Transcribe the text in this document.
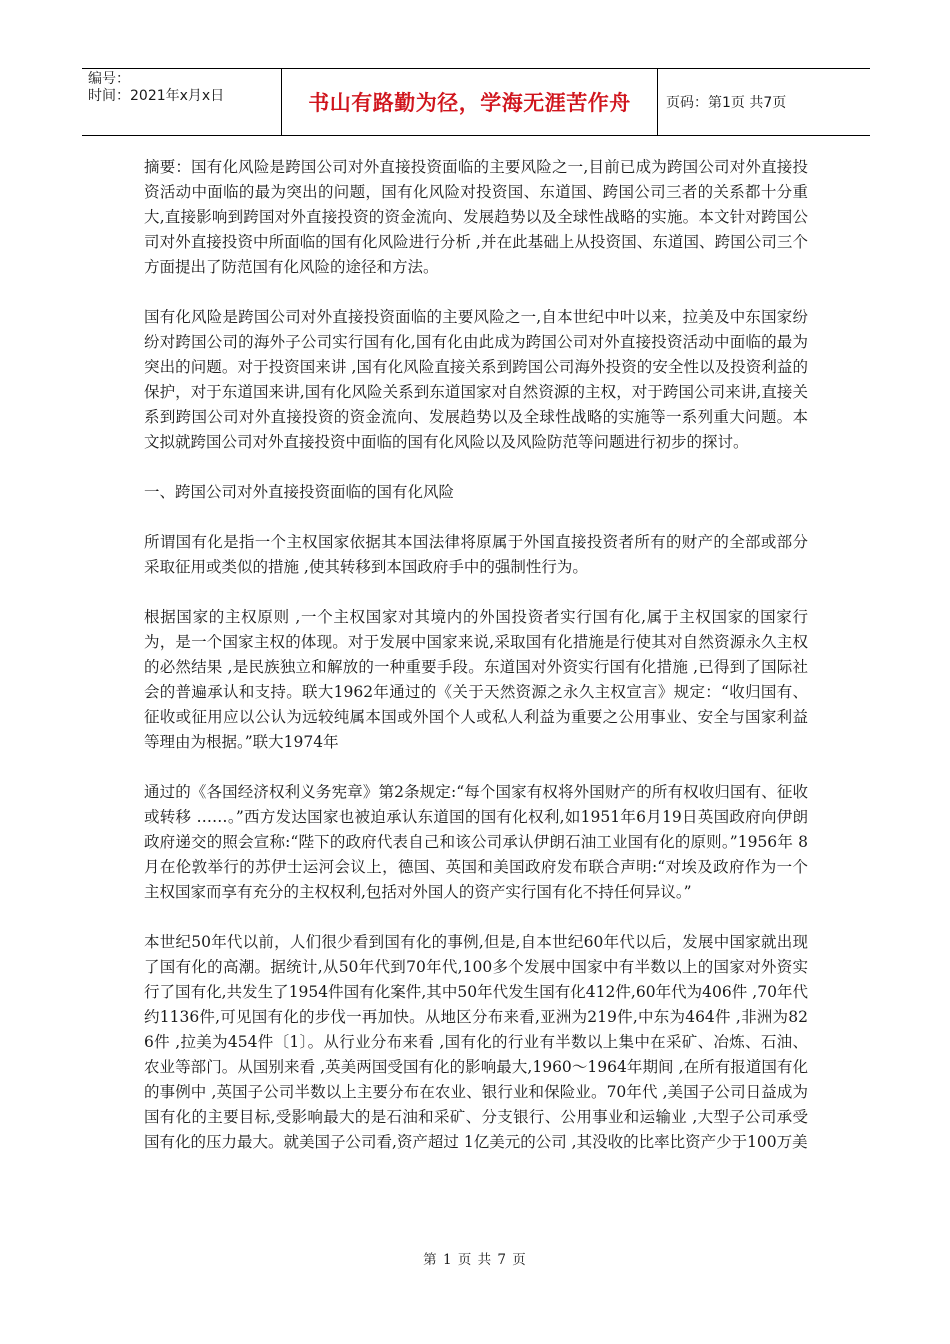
编号：
时间：2021年x月x日	书山有路勤为径，学海无涯苦作舟	页码：第1页 共7页

摘要：国有化风险是跨国公司对外直接投资面临的主要风险之一,目前已成为跨国公司对外直接投资活动中面临的最为突出的问题，国有化风险对投资国、东道国、跨国公司三者的关系都十分重大,直接影响到跨国对外直接投资的资金流向、发展趋势以及全球性战略的实施。本文针对跨国公司对外直接投资中所面临的国有化风险进行分析 ,并在此基础上从投资国、东道国、跨国公司三个方面提出了防范国有化风险的途径和方法。

国有化风险是跨国公司对外直接投资面临的主要风险之一,自本世纪中叶以来，拉美及中东国家纷纷对跨国公司的海外子公司实行国有化,国有化由此成为跨国公司对外直接投资活动中面临的最为突出的问题。对于投资国来讲 ,国有化风险直接关系到跨国公司海外投资的安全性以及投资利益的保护，对于东道国来讲,国有化风险关系到东道国家对自然资源的主权，对于跨国公司来讲,直接关系到跨国公司对外直接投资的资金流向、发展趋势以及全球性战略的实施等一系列重大问题。本文拟就跨国公司对外直接投资中面临的国有化风险以及风险防范等问题进行初步的探讨。

一、跨国公司对外直接投资面临的国有化风险

所谓国有化是指一个主权国家依据其本国法律将原属于外国直接投资者所有的财产的全部或部分采取征用或类似的措施 ,使其转移到本国政府手中的强制性行为。

根据国家的主权原则 ,一个主权国家对其境内的外国投资者实行国有化,属于主权国家的国家行为，是一个国家主权的体现。对于发展中国家来说,采取国有化措施是行使其对自然资源永久主权的必然结果 ,是民族独立和解放的一种重要手段。东道国对外资实行国有化措施 ,已得到了国际社会的普遍承认和支持。联大1962年通过的《关于天然资源之永久主权宣言》规定：“收归国有、征收或征用应以公认为远较纯属本国或外国个人或私人利益为重要之公用事业、安全与国家利益等理由为根据。”联大1974年

通过的《各国经济权利义务宪章》第2条规定:“每个国家有权将外国财产的所有权收归国有、征收或转移 ……。”西方发达国家也被迫承认东道国的国有化权利,如1951年6月19日英国政府向伊朗政府递交的照会宣称:“陛下的政府代表自己和该公司承认伊朗石油工业国有化的原则。”1956年 8月在伦敦举行的苏伊士运河会议上，德国、英国和美国政府发布联合声明:“对埃及政府作为一个主权国家而享有充分的主权权利,包括对外国人的资产实行国有化不持任何异议。”

本世纪50年代以前，人们很少看到国有化的事例,但是,自本世纪60年代以后，发展中国家就出现了国有化的高潮。据统计,从50年代到70年代,100多个发展中国家中有半数以上的国家对外资实行了国有化,共发生了1954件国有化案件,其中50年代发生国有化412件,60年代为406件 ,70年代约1136件,可见国有化的步伐一再加快。从地区分布来看,亚洲为219件,中东为464件 ,非洲为826件 ,拉美为454件〔1〕。从行业分布来看 ,国有化的行业有半数以上集中在采矿、冶炼、石油、农业等部门。从国别来看 ,英美两国受国有化的影响最大,1960～1964年期间 ,在所有报道国有化的事例中 ,英国子公司半数以上主要分布在农业、银行业和保险业。70年代 ,美国子公司日益成为国有化的主要目标,受影响最大的是石油和采矿、分支银行、公用事业和运输业 ,大型子公司承受国有化的压力最大。就美国子公司看,资产超过 1亿美元的公司 ,其没收的比率比资产少于100万美

第 1 页 共 7 页
